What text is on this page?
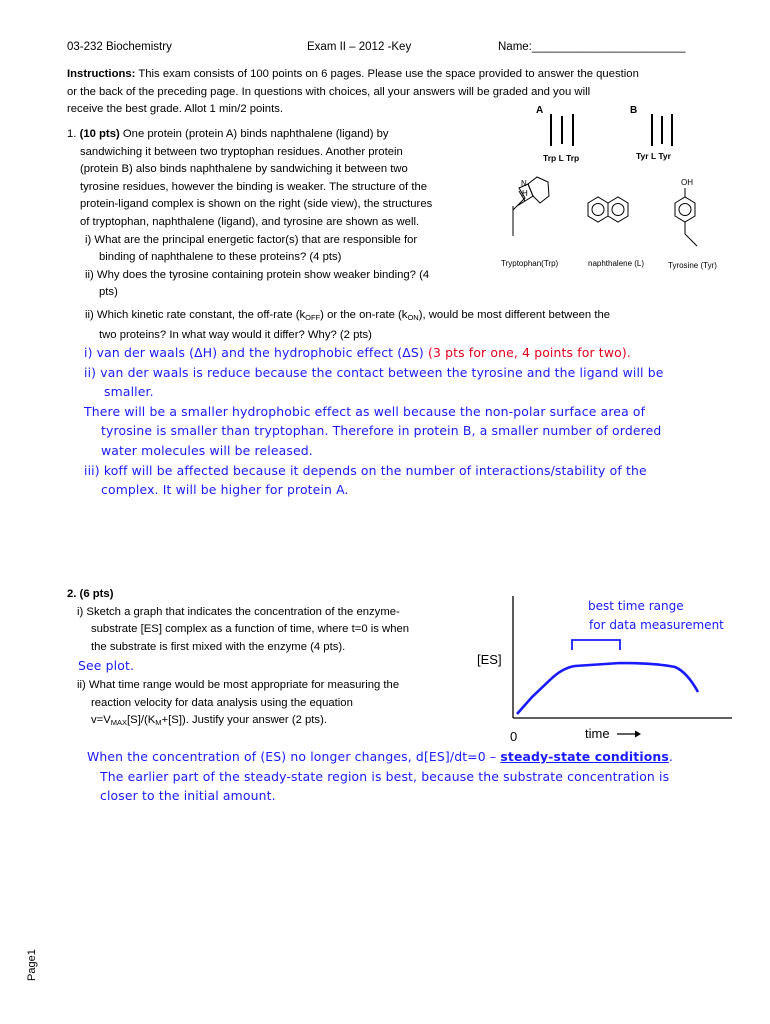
03-232 Biochemistry	Exam II – 2012 -Key	Name:________________________
Instructions: This exam consists of 100 points on 6 pages. Please use the space provided to answer the question
or the back of the preceding page. In questions with choices, all your answers will be graded and you will
receive the best grade. Allot 1 min/2 points.
1. (10 pts) One protein (protein A) binds naphthalene (ligand) by
sandwiching it between two tryptophan residues. Another protein
(protein B) also binds naphthalene by sandwiching it between two
tyrosine residues, however the binding is weaker. The structure of the
protein-ligand complex is shown on the right (side view), the structures
of tryptophan, naphthalene (ligand), and tyrosine are shown as well.
i) What are the principal energetic factor(s) that are responsible for
binding of naphthalene to these proteins? (4 pts)
ii) Why does the tyrosine containing protein show weaker binding? (4
pts)
ii) Which kinetic rate constant, the off-rate $(k_{OFF})$ or the on-rate $(k_{ON})$, would be most different between the
two proteins? In what way would it differ? Why? (2 pts)
i) van der waals (ΔH) and the hydrophobic effect (ΔS) (3 pts for one, 4 points for two).
ii) van der waals is reduce because the contact between the tyrosine and the ligand will be
smaller.
There will be a smaller hydrophobic effect as well because the non-polar surface area of
tyrosine is smaller than tryptophan. Therefore in protein B, a smaller number of ordered
water molecules will be released.
iii) koff will be affected because it depends on the number of interactions/stability of the
complex. It will be higher for protein A.
A	B
Trp L Trp	Tyr L Tyr
N
H
OH
Tryptophan(Trp)	naphthalene (L)	Tyrosine (Tyr)
2. (6 pts)
i) Sketch a graph that indicates the concentration of the enzyme-
substrate [ES] complex as a function of time, where t=0 is when
the substrate is first mixed with the enzyme (4 pts).
See plot.
ii) What time range would be most appropriate for measuring the
reaction velocity for data analysis using the equation
$v=V_{MAX}[S]/(K_M+[S])$. Justify your answer (2 pts).
[ES]
0	time
best time range
for data measurement
When the concentration of (ES) no longer changes, d[ES]/dt=0 – steady-state conditions.
The earlier part of the steady-state region is best, because the substrate concentration is
closer to the initial amount.
Page1
